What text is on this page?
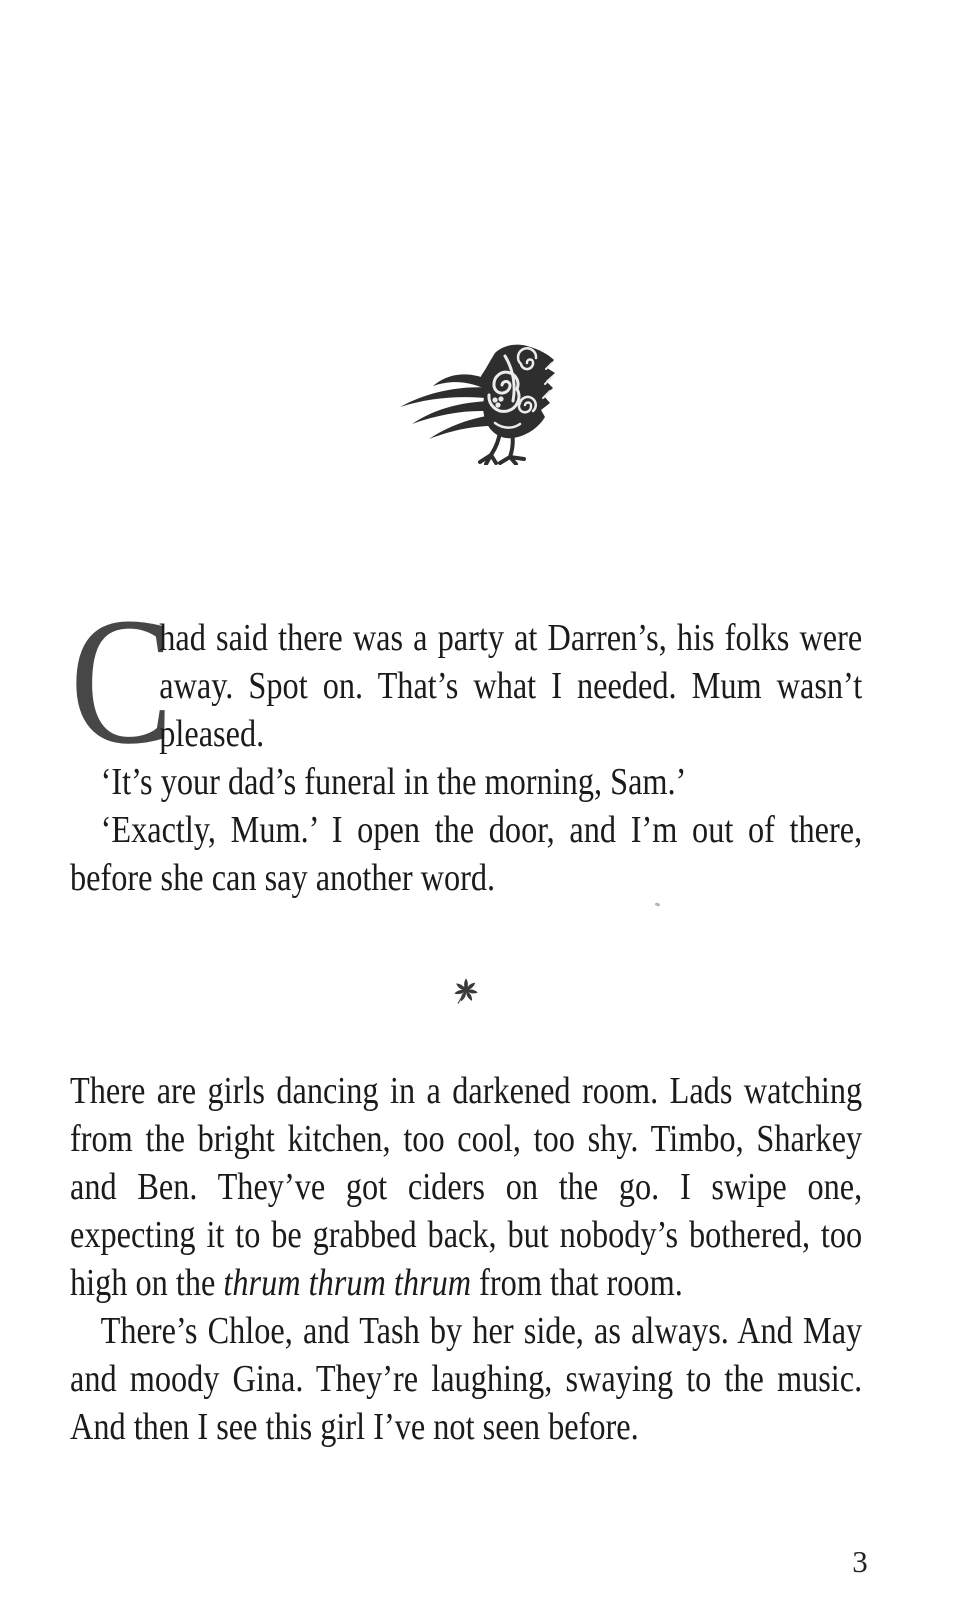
C
had said there was a party at Darren’s, his folks were away. Spot on. That’s what I needed. Mum wasn’t pleased.

‘It’s your dad’s funeral in the morning, Sam.’

‘Exactly, Mum.’ I open the door, and I’m out of there, before she can say another word.

There are girls dancing in a darkened room. Lads watching from the bright kitchen, too cool, too shy. Timbo, Sharkey and Ben. They’ve got ciders on the go. I swipe one, expecting it to be grabbed back, but nobody’s bothered, too high on the thrum thrum thrum from that room.

There’s Chloe, and Tash by her side, as always. And May and moody Gina. They’re laughing, swaying to the music. And then I see this girl I’ve not seen before.

3
